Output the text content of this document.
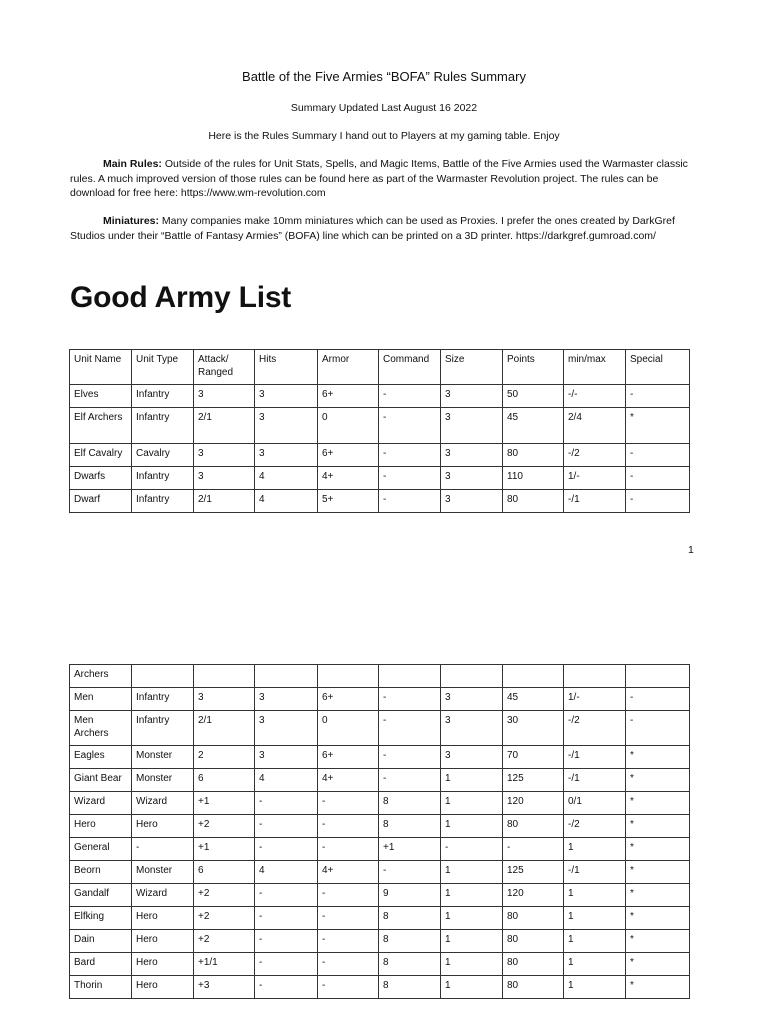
Battle of the Five Armies “BOFA” Rules Summary
Summary Updated Last August 16 2022
Here is the Rules Summary I hand out to Players at my gaming table. Enjoy
Main Rules: Outside of the rules for Unit Stats, Spells, and Magic Items, Battle of the Five Armies used the Warmaster classic rules. A much improved version of those rules can be found here as part of the Warmaster Revolution project. The rules can be download for free here: https://www.wm-revolution.com
Miniatures: Many companies make 10mm miniatures which can be used as Proxies. I prefer the ones created by DarkGref Studios under their “Battle of Fantasy Armies” (BOFA) line which can be printed on a 3D printer. https://darkgref.gumroad.com/
Good Army List
Unit Name	Unit Type	Attack/ Ranged	Hits	Armor	Command	Size	Points	min/max	Special
Elves	Infantry	3	3	6+	-	3	50	-/-	-
Elf Archers	Infantry	2/1	3	0	-	3	45	2/4	*
Elf Cavalry	Cavalry	3	3	6+	-	3	80	-/2	-
Dwarfs	Infantry	3	4	4+	-	3	110	1/-	-
Dwarf	Infantry	2/1	4	5+	-	3	80	-/1	-
1
Archers									
Men	Infantry	3	3	6+	-	3	45	1/-	-
Men Archers	Infantry	2/1	3	0	-	3	30	-/2	-
Eagles	Monster	2	3	6+	-	3	70	-/1	*
Giant Bear	Monster	6	4	4+	-	1	125	-/1	*
Wizard	Wizard	+1	-	-	8	1	120	0/1	*
Hero	Hero	+2	-	-	8	1	80	-/2	*
General	-	+1	-	-	+1	-	-	1	*
Beorn	Monster	6	4	4+	-	1	125	-/1	*
Gandalf	Wizard	+2	-	-	9	1	120	1	*
Elfking	Hero	+2	-	-	8	1	80	1	*
Dain	Hero	+2	-	-	8	1	80	1	*
Bard	Hero	+1/1	-	-	8	1	80	1	*
Thorin	Hero	+3	-	-	8	1	80	1	*
